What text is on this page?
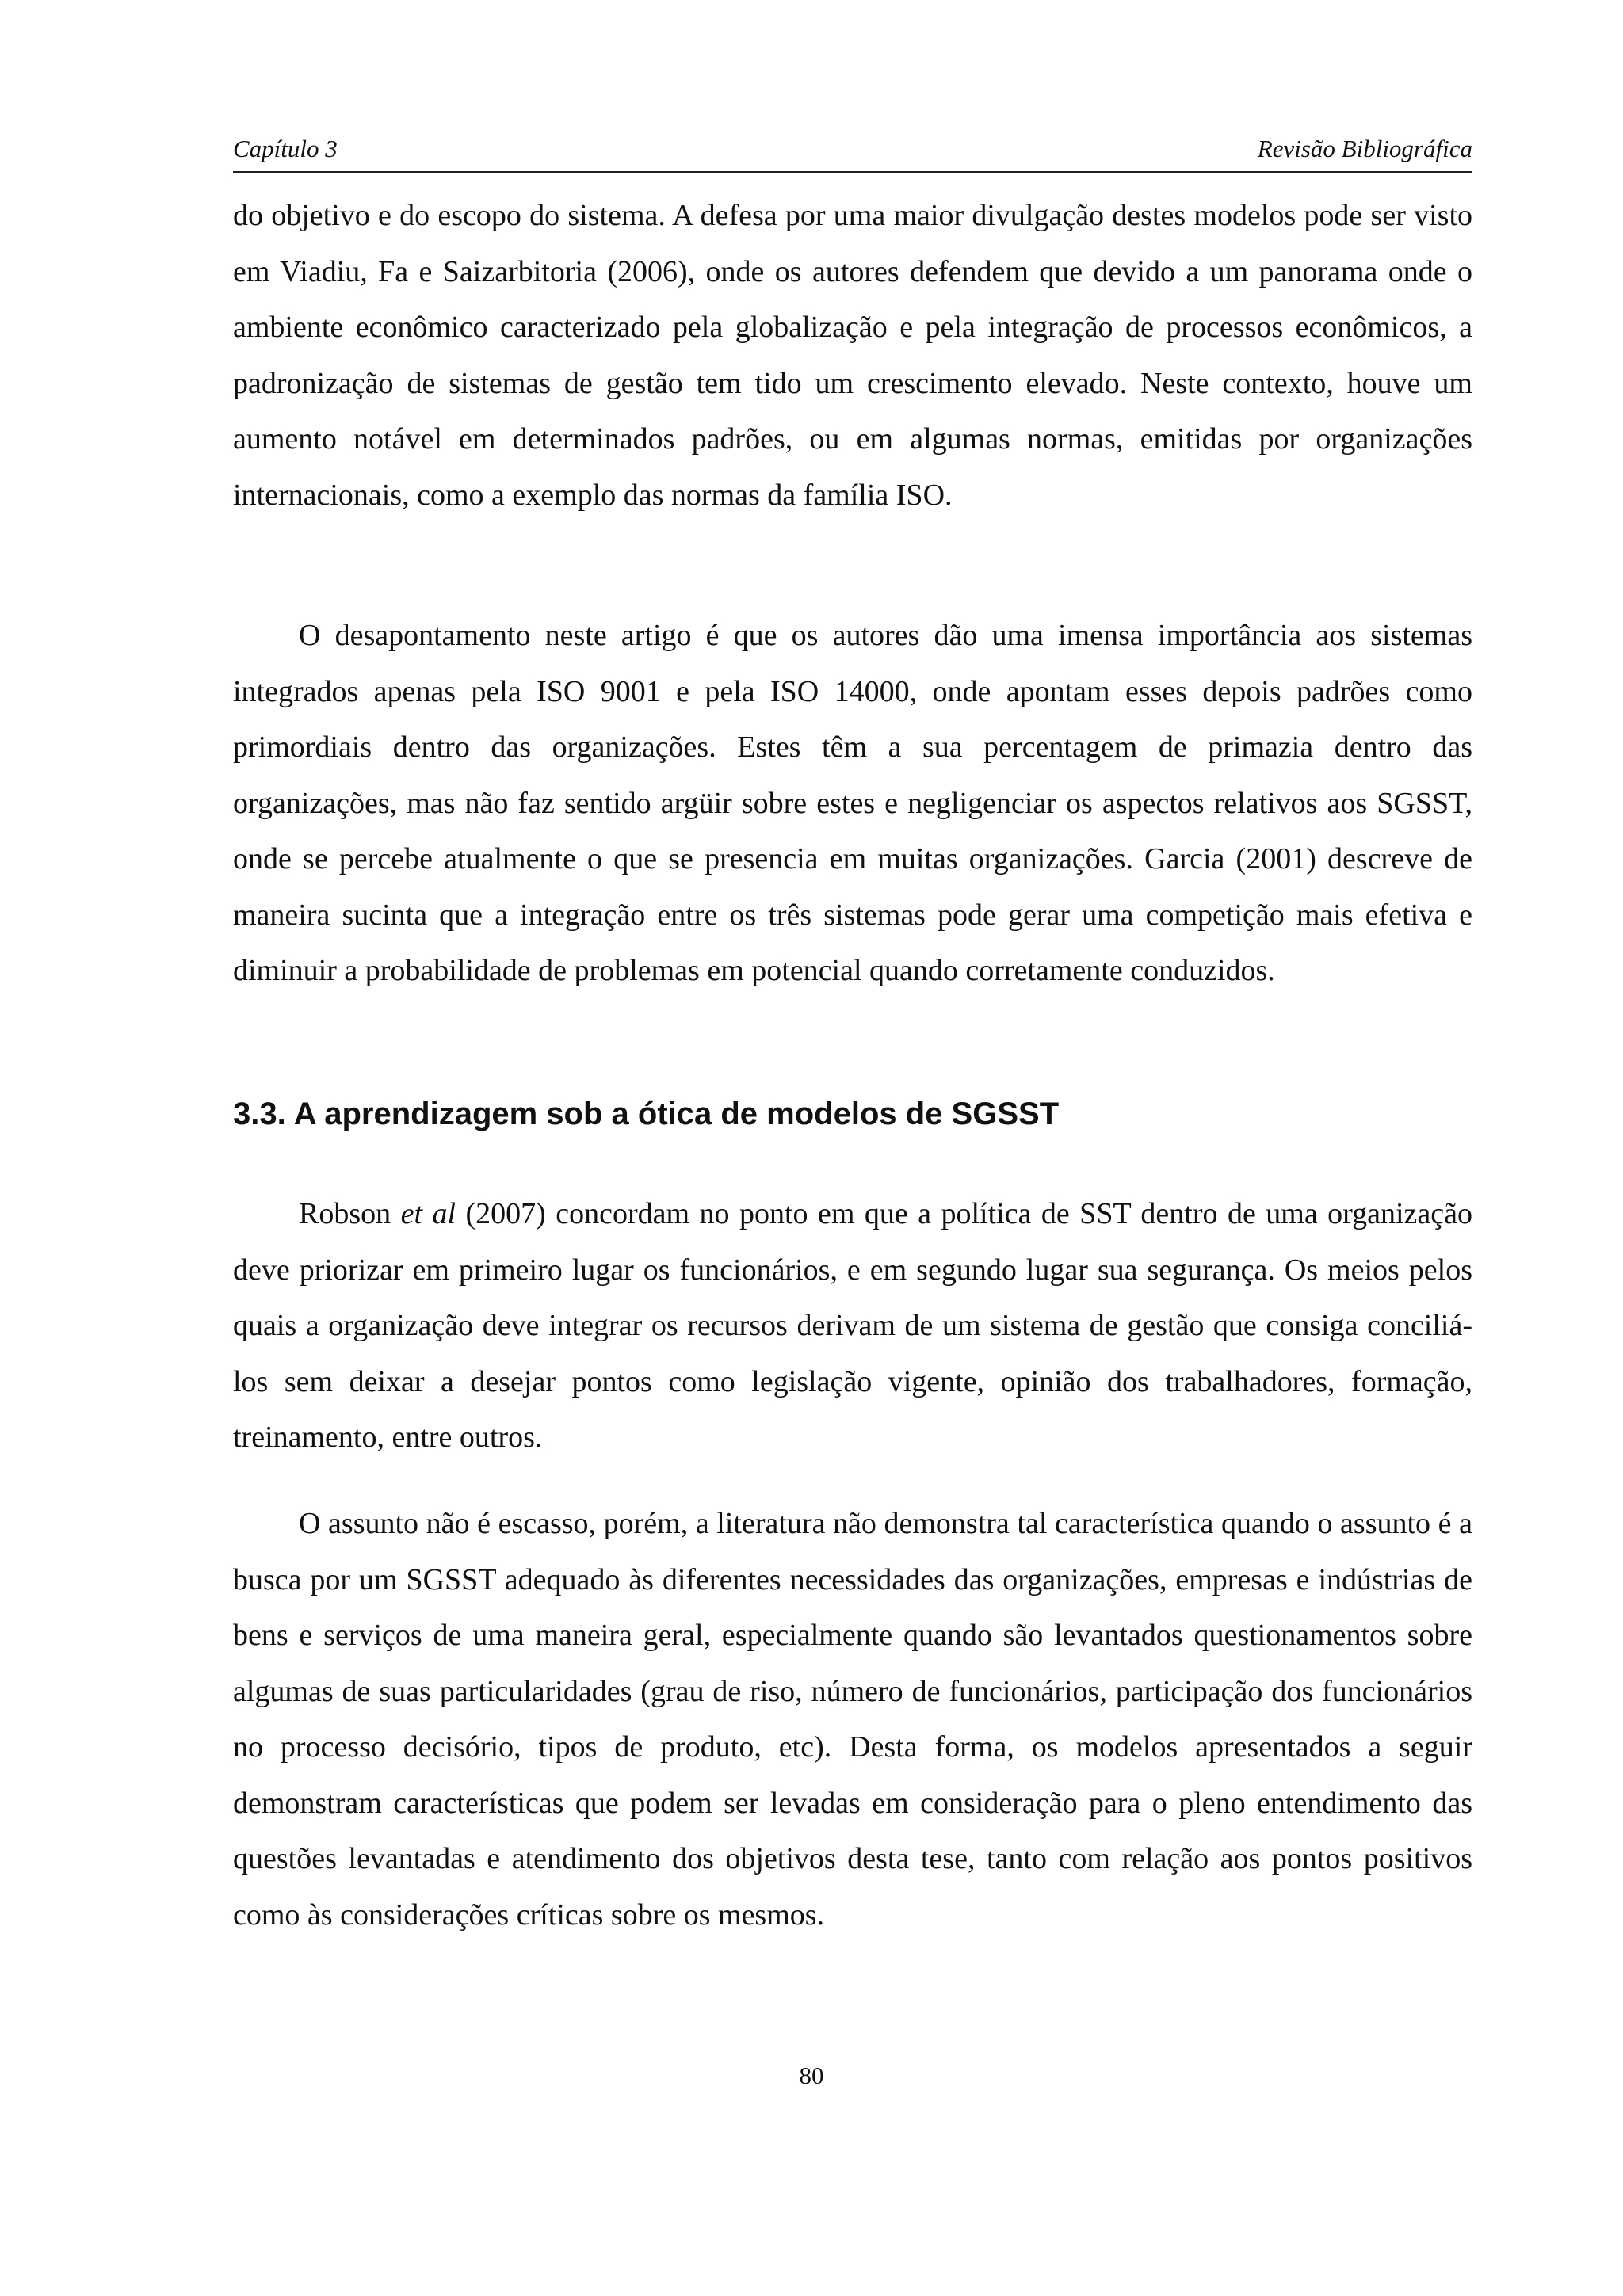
Capítulo 3	Revisão Bibliográfica

do objetivo e do escopo do sistema. A defesa por uma maior divulgação destes modelos pode ser visto em Viadiu, Fa e Saizarbitoria (2006), onde os autores defendem que devido a um panorama onde o ambiente econômico caracterizado pela globalização e pela integração de processos econômicos, a padronização de sistemas de gestão tem tido um crescimento elevado. Neste contexto, houve um aumento notável em determinados padrões, ou em algumas normas, emitidas por organizações internacionais, como a exemplo das normas da família ISO.

O desapontamento neste artigo é que os autores dão uma imensa importância aos sistemas integrados apenas pela ISO 9001 e pela ISO 14000, onde apontam esses depois padrões como primordiais dentro das organizações. Estes têm a sua percentagem de primazia dentro das organizações, mas não faz sentido argüir sobre estes e negligenciar os aspectos relativos aos SGSST, onde se percebe atualmente o que se presencia em muitas organizações. Garcia (2001) descreve de maneira sucinta que a integração entre os três sistemas pode gerar uma competição mais efetiva e diminuir a probabilidade de problemas em potencial quando corretamente conduzidos.

3.3. A aprendizagem sob a ótica de modelos de SGSST

Robson et al (2007) concordam no ponto em que a política de SST dentro de uma organização deve priorizar em primeiro lugar os funcionários, e em segundo lugar sua segurança. Os meios pelos quais a organização deve integrar os recursos derivam de um sistema de gestão que consiga conciliá-los sem deixar a desejar pontos como legislação vigente, opinião dos trabalhadores, formação, treinamento, entre outros.

O assunto não é escasso, porém, a literatura não demonstra tal característica quando o assunto é a busca por um SGSST adequado às diferentes necessidades das organizações, empresas e indústrias de bens e serviços de uma maneira geral, especialmente quando são levantados questionamentos sobre algumas de suas particularidades (grau de riso, número de funcionários, participação dos funcionários no processo decisório, tipos de produto, etc). Desta forma, os modelos apresentados a seguir demonstram características que podem ser levadas em consideração para o pleno entendimento das questões levantadas e atendimento dos objetivos desta tese, tanto com relação aos pontos positivos como às considerações críticas sobre os mesmos.

80
